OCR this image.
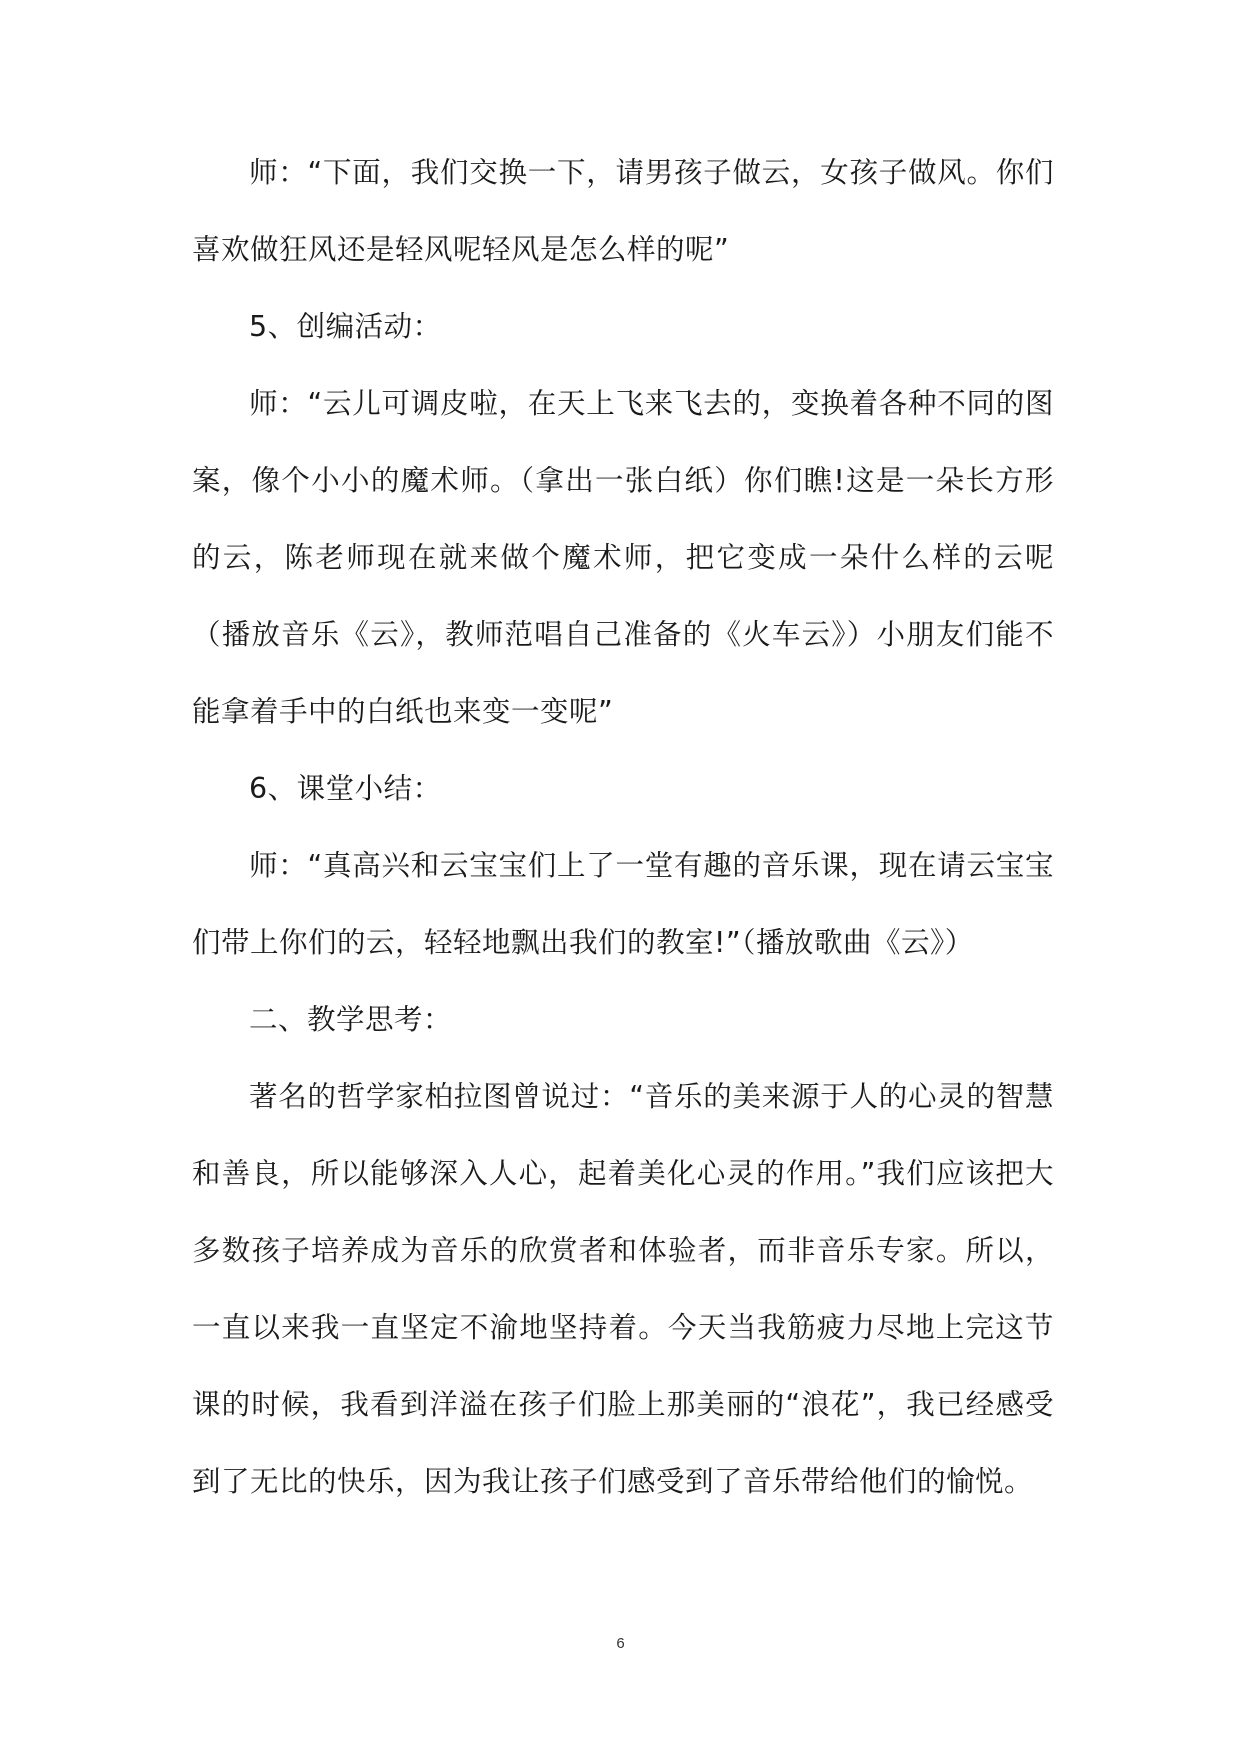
师：“下面，我们交换一下，请男孩子做云，女孩子做风。你们喜欢做狂风还是轻风呢轻风是怎么样的呢”

5、创编活动：

师：“云儿可调皮啦，在天上飞来飞去的，变换着各种不同的图案，像个小小的魔术师。（拿出一张白纸）你们瞧!这是一朵长方形的云，陈老师现在就来做个魔术师，把它变成一朵什么样的云呢（播放音乐《云》，教师范唱自己准备的《火车云》）小朋友们能不能拿着手中的白纸也来变一变呢”

6、课堂小结：

师：“真高兴和云宝宝们上了一堂有趣的音乐课，现在请云宝宝们带上你们的云，轻轻地飘出我们的教室!”（播放歌曲《云》）

二、教学思考：

著名的哲学家柏拉图曾说过：“音乐的美来源于人的心灵的智慧和善良，所以能够深入人心，起着美化心灵的作用。”我们应该把大多数孩子培养成为音乐的欣赏者和体验者，而非音乐专家。所以，一直以来我一直坚定不渝地坚持着。今天当我筋疲力尽地上完这节课的时候，我看到洋溢在孩子们脸上那美丽的“浪花”，我已经感受到了无比的快乐，因为我让孩子们感受到了音乐带给他们的愉悦。

6
